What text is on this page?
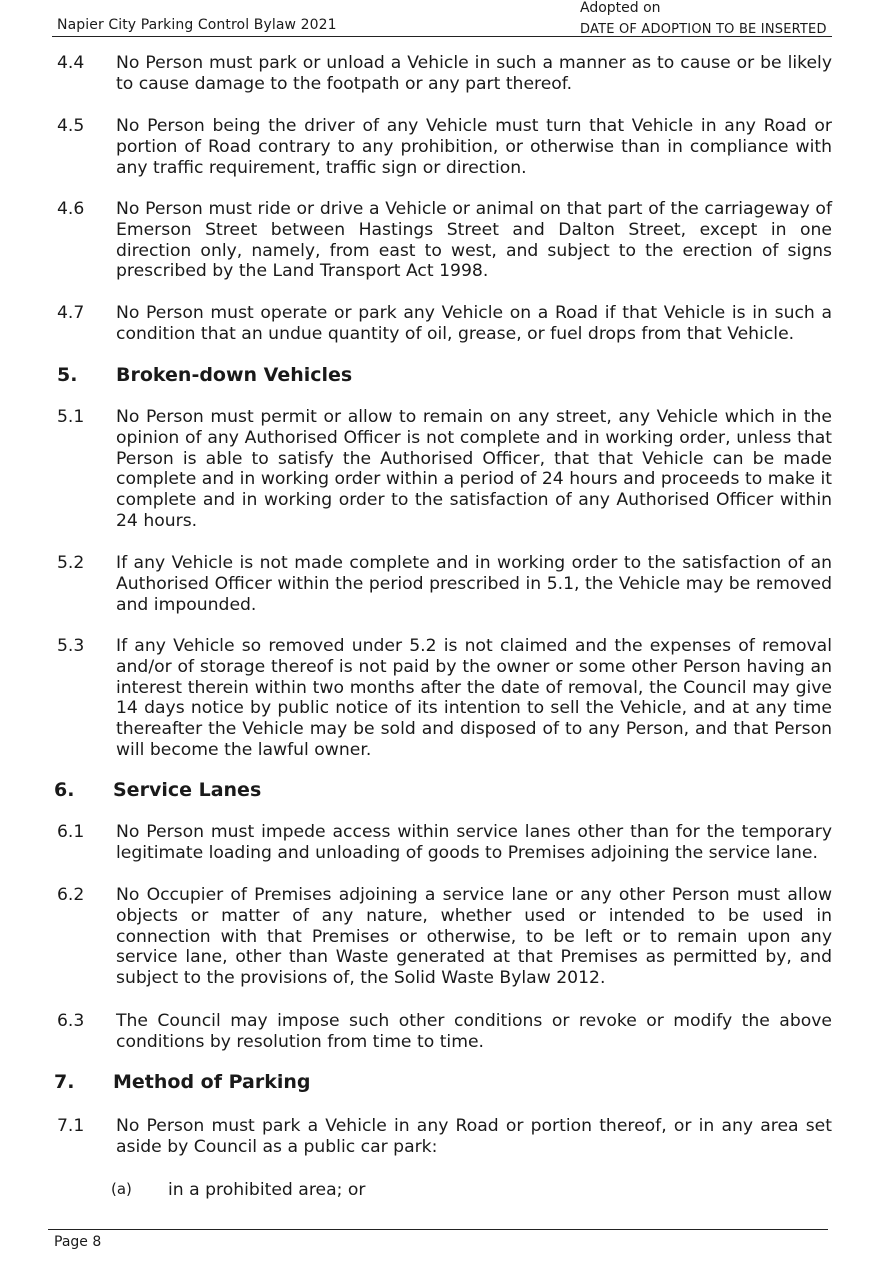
Napier City Parking Control Bylaw 2021
Adopted on
DATE OF ADOPTION TO BE INSERTED
4.4 No Person must park or unload a Vehicle in such a manner as to cause or be likely to cause damage to the footpath or any part thereof.
4.5 No Person being the driver of any Vehicle must turn that Vehicle in any Road or portion of Road contrary to any prohibition, or otherwise than in compliance with any traffic requirement, traffic sign or direction.
4.6 No Person must ride or drive a Vehicle or animal on that part of the carriageway of Emerson Street between Hastings Street and Dalton Street, except in one direction only, namely, from east to west, and subject to the erection of signs prescribed by the Land Transport Act 1998.
4.7 No Person must operate or park any Vehicle on a Road if that Vehicle is in such a condition that an undue quantity of oil, grease, or fuel drops from that Vehicle.
5. Broken-down Vehicles
5.1 No Person must permit or allow to remain on any street, any Vehicle which in the opinion of any Authorised Officer is not complete and in working order, unless that Person is able to satisfy the Authorised Officer, that that Vehicle can be made complete and in working order within a period of 24 hours and proceeds to make it complete and in working order to the satisfaction of any Authorised Officer within 24 hours.
5.2 If any Vehicle is not made complete and in working order to the satisfaction of an Authorised Officer within the period prescribed in 5.1, the Vehicle may be removed and impounded.
5.3 If any Vehicle so removed under 5.2 is not claimed and the expenses of removal and/or of storage thereof is not paid by the owner or some other Person having an interest therein within two months after the date of removal, the Council may give 14 days notice by public notice of its intention to sell the Vehicle, and at any time thereafter the Vehicle may be sold and disposed of to any Person, and that Person will become the lawful owner.
6. Service Lanes
6.1 No Person must impede access within service lanes other than for the temporary legitimate loading and unloading of goods to Premises adjoining the service lane.
6.2 No Occupier of Premises adjoining a service lane or any other Person must allow objects or matter of any nature, whether used or intended to be used in connection with that Premises or otherwise, to be left or to remain upon any service lane, other than Waste generated at that Premises as permitted by, and subject to the provisions of, the Solid Waste Bylaw 2012.
6.3 The Council may impose such other conditions or revoke or modify the above conditions by resolution from time to time.
7. Method of Parking
7.1 No Person must park a Vehicle in any Road or portion thereof, or in any area set aside by Council as a public car park:
(a) in a prohibited area; or
Page 8
